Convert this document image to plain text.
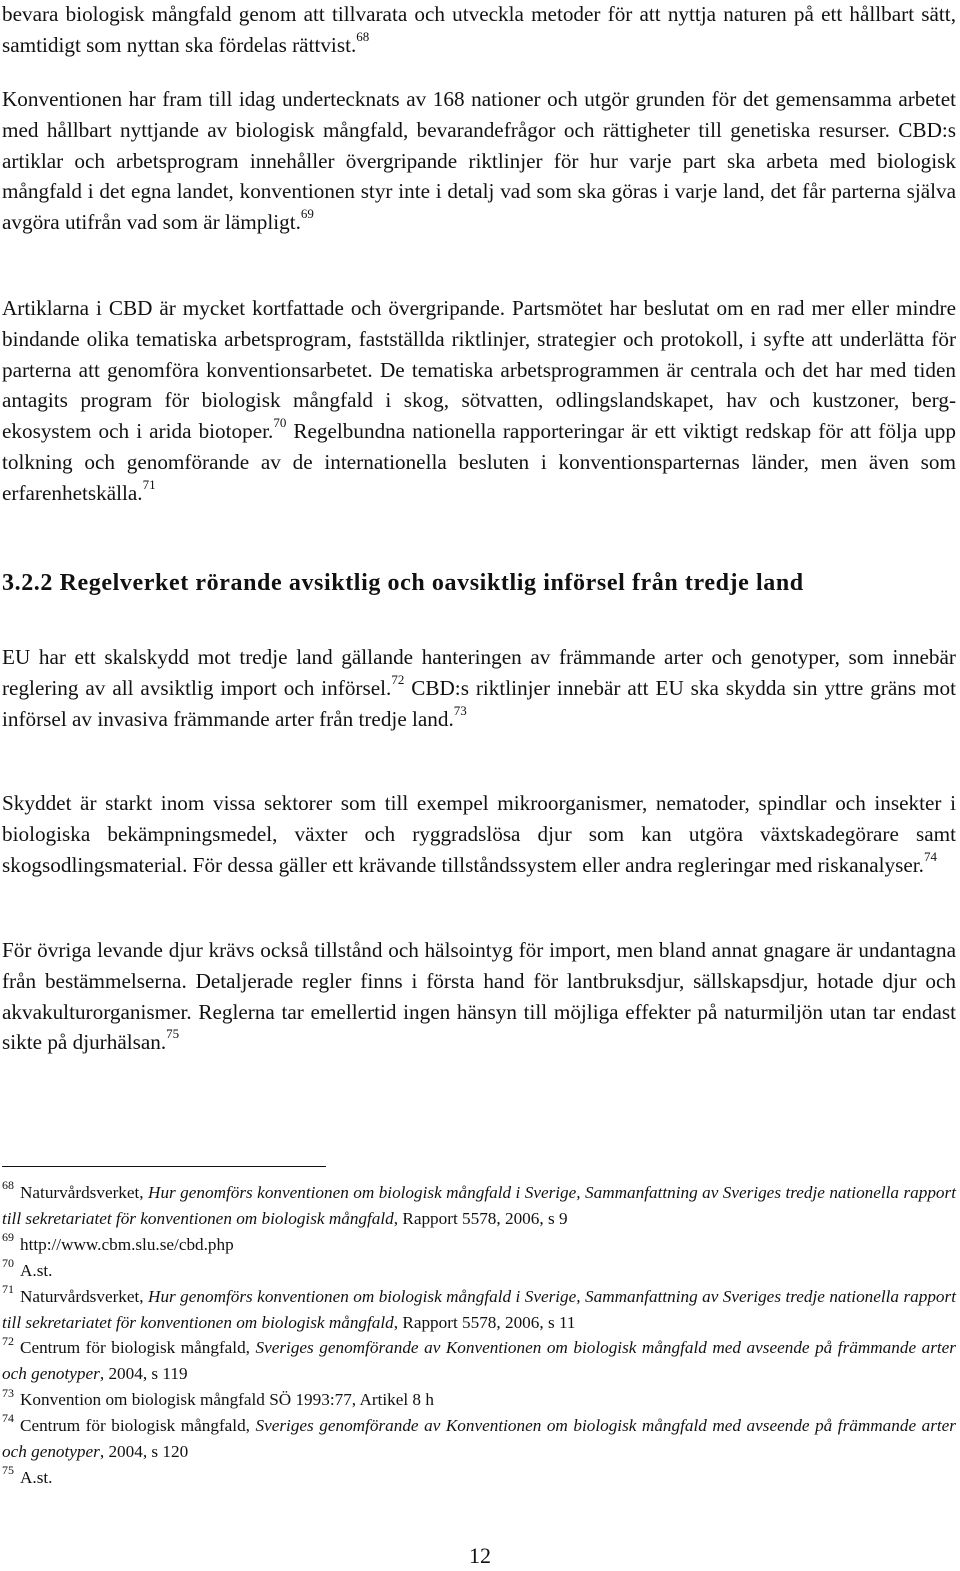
bevara biologisk mångfald genom att tillvarata och utveckla metoder för att nyttja naturen på ett hållbart sätt, samtidigt som nyttan ska fördelas rättvist.$^{68}$

Konventionen har fram till idag undertecknats av 168 nationer och utgör grunden för det gemensamma arbetet med hållbart nyttjande av biologisk mångfald, bevarandefrågor och rättigheter till genetiska resurser. CBD:s artiklar och arbetsprogram innehåller övergripande riktlinjer för hur varje part ska arbeta med biologisk mångfald i det egna landet, konventionen styr inte i detalj vad som ska göras i varje land, det får parterna själva avgöra utifrån vad som är lämpligt.$^{69}$

Artiklarna i CBD är mycket kortfattade och övergripande. Partsmötet har beslutat om en rad mer eller mindre bindande olika tematiska arbetsprogram, fastställda riktlinjer, strategier och protokoll, i syfte att underlätta för parterna att genomföra konventionsarbetet. De tematiska arbetsprogrammen är centrala och det har med tiden antagits program för biologisk mångfald i skog, sötvatten, odlingslandskapet, hav och kustzoner, berg-ekosystem och i arida biotoper.$^{70}$ Regelbundna nationella rapporteringar är ett viktigt redskap för att följa upp tolkning och genomförande av de internationella besluten i konventionsparternas länder, men även som erfarenhetskälla.$^{71}$

3.2.2 Regelverket rörande avsiktlig och oavsiktlig införsel från tredje land

EU har ett skalskydd mot tredje land gällande hanteringen av främmande arter och genotyper, som innebär reglering av all avsiktlig import och införsel.$^{72}$ CBD:s riktlinjer innebär att EU ska skydda sin yttre gräns mot införsel av invasiva främmande arter från tredje land.$^{73}$

Skyddet är starkt inom vissa sektorer som till exempel mikroorganismer, nematoder, spindlar och insekter i biologiska bekämpningsmedel, växter och ryggradslösa djur som kan utgöra växtskadegörare samt skogsodlingsmaterial. För dessa gäller ett krävande tillståndssystem eller andra regleringar med riskanalyser.$^{74}$

För övriga levande djur krävs också tillstånd och hälsointyg för import, men bland annat gnagare är undantagna från bestämmelserna. Detaljerade regler finns i första hand för lantbruksdjur, sällskapsdjur, hotade djur och akvakulturorganismer. Reglerna tar emellertid ingen hänsyn till möjliga effekter på naturmiljön utan tar endast sikte på djurhälsan.$^{75}$

$^{68}$ Naturvårdsverket, Hur genomförs konventionen om biologisk mångfald i Sverige, Sammanfattning av Sveriges tredje nationella rapport till sekretariatet för konventionen om biologisk mångfald, Rapport 5578, 2006, s 9

$^{69}$ http://www.cbm.slu.se/cbd.php

$^{70}$ A.st.

$^{71}$ Naturvårdsverket, Hur genomförs konventionen om biologisk mångfald i Sverige, Sammanfattning av Sveriges tredje nationella rapport till sekretariatet för konventionen om biologisk mångfald, Rapport 5578, 2006, s 11

$^{72}$ Centrum för biologisk mångfald, Sveriges genomförande av Konventionen om biologisk mångfald med avseende på främmande arter och genotyper, 2004, s 119

$^{73}$ Konvention om biologisk mångfald SÖ 1993:77, Artikel 8 h

$^{74}$ Centrum för biologisk mångfald, Sveriges genomförande av Konventionen om biologisk mångfald med avseende på främmande arter och genotyper, 2004, s 120

$^{75}$ A.st.

12
